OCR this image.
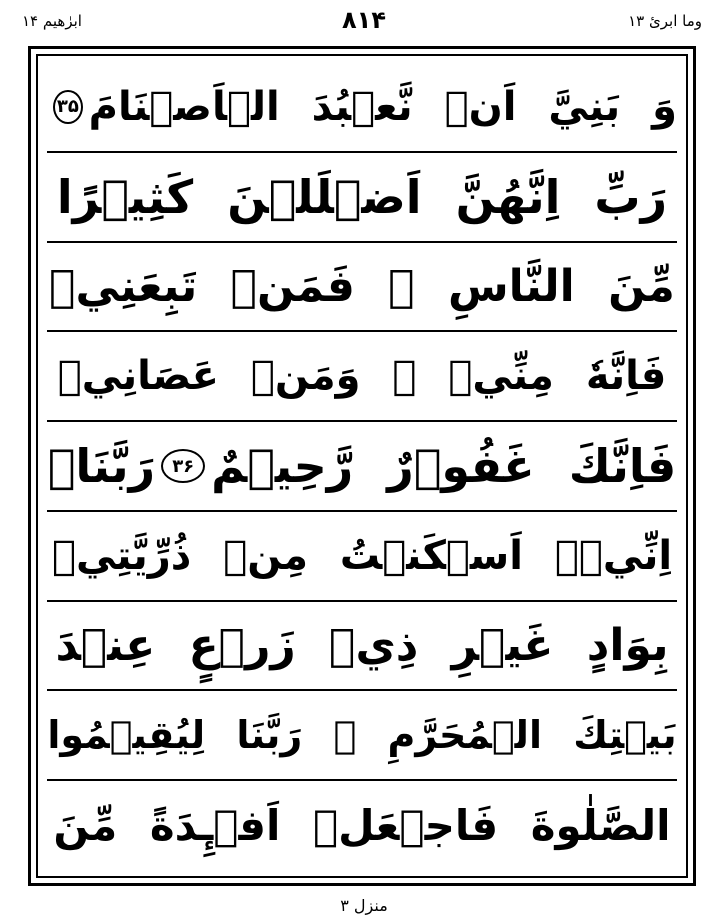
ابرٰھیم ۱۴	۸۱۴	وما ابرئ ۱۳
وَ بَنِيَّ اَنۡ نَّعۡبُدَ الۡاَصۡنَامَ
۳۵
رَبِّ اِنَّهُنَّ اَضۡلَلۡنَ كَثِيۡرًا
مِّنَ النَّاسِ ۚ فَمَنۡ تَبِعَنِيۡ
فَاِنَّهٗ مِنِّيۡ ۚ وَمَنۡ عَصَانِيۡ
فَاِنَّكَ غَفُوۡرٌ رَّحِيۡمٌ
۳۶
رَبَّنَاۤ
اِنِّيۡۤ اَسۡكَنۡتُ مِنۡ ذُرِّيَّتِيۡ
بِوَادٍ غَيۡرِ ذِيۡ زَرۡعٍ عِنۡدَ
بَيۡتِكَ الۡمُحَرَّمِ ۙ رَبَّنَا لِيُقِيۡمُوا
الصَّلٰوةَ فَاجۡعَلۡ اَفۡـِٕدَةً مِّنَ
منزل ۳
